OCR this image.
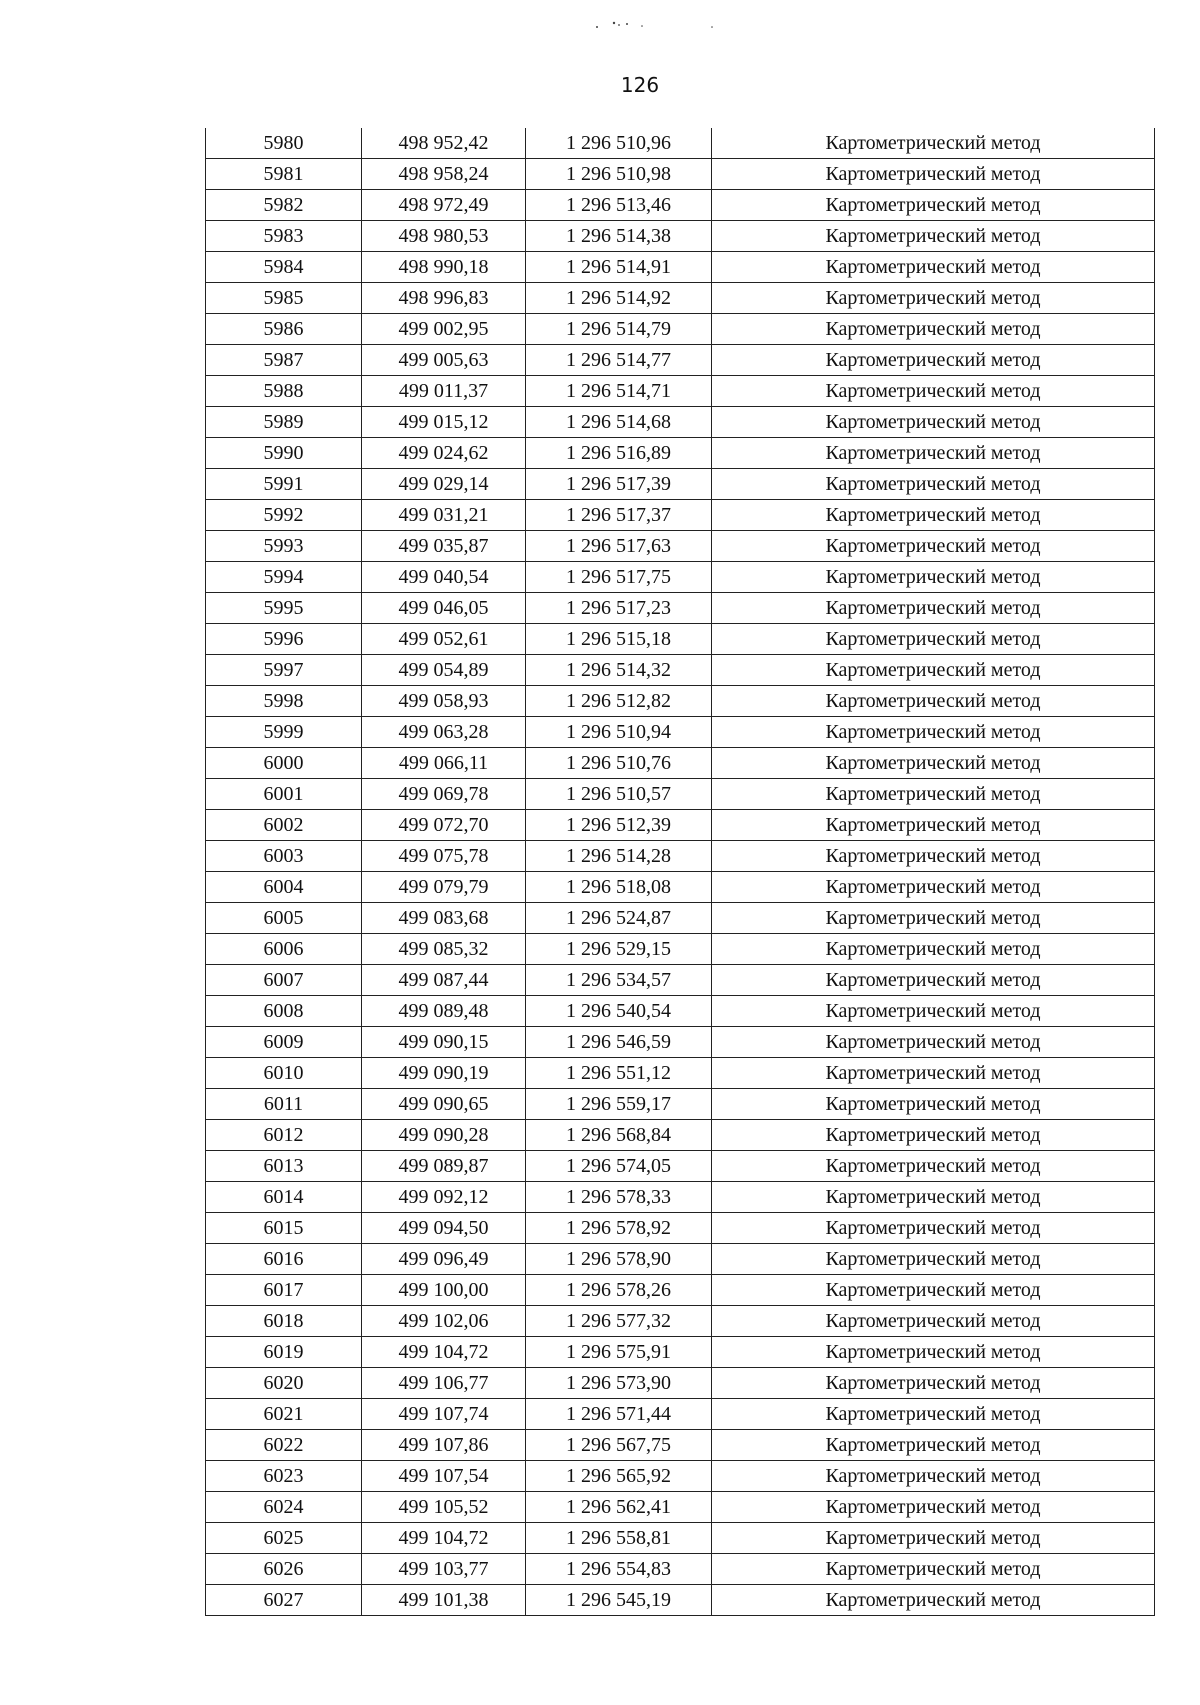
126
5980	498 952,42	1 296 510,96	Картометрический метод
5981	498 958,24	1 296 510,98	Картометрический метод
5982	498 972,49	1 296 513,46	Картометрический метод
5983	498 980,53	1 296 514,38	Картометрический метод
5984	498 990,18	1 296 514,91	Картометрический метод
5985	498 996,83	1 296 514,92	Картометрический метод
5986	499 002,95	1 296 514,79	Картометрический метод
5987	499 005,63	1 296 514,77	Картометрический метод
5988	499 011,37	1 296 514,71	Картометрический метод
5989	499 015,12	1 296 514,68	Картометрический метод
5990	499 024,62	1 296 516,89	Картометрический метод
5991	499 029,14	1 296 517,39	Картометрический метод
5992	499 031,21	1 296 517,37	Картометрический метод
5993	499 035,87	1 296 517,63	Картометрический метод
5994	499 040,54	1 296 517,75	Картометрический метод
5995	499 046,05	1 296 517,23	Картометрический метод
5996	499 052,61	1 296 515,18	Картометрический метод
5997	499 054,89	1 296 514,32	Картометрический метод
5998	499 058,93	1 296 512,82	Картометрический метод
5999	499 063,28	1 296 510,94	Картометрический метод
6000	499 066,11	1 296 510,76	Картометрический метод
6001	499 069,78	1 296 510,57	Картометрический метод
6002	499 072,70	1 296 512,39	Картометрический метод
6003	499 075,78	1 296 514,28	Картометрический метод
6004	499 079,79	1 296 518,08	Картометрический метод
6005	499 083,68	1 296 524,87	Картометрический метод
6006	499 085,32	1 296 529,15	Картометрический метод
6007	499 087,44	1 296 534,57	Картометрический метод
6008	499 089,48	1 296 540,54	Картометрический метод
6009	499 090,15	1 296 546,59	Картометрический метод
6010	499 090,19	1 296 551,12	Картометрический метод
6011	499 090,65	1 296 559,17	Картометрический метод
6012	499 090,28	1 296 568,84	Картометрический метод
6013	499 089,87	1 296 574,05	Картометрический метод
6014	499 092,12	1 296 578,33	Картометрический метод
6015	499 094,50	1 296 578,92	Картометрический метод
6016	499 096,49	1 296 578,90	Картометрический метод
6017	499 100,00	1 296 578,26	Картометрический метод
6018	499 102,06	1 296 577,32	Картометрический метод
6019	499 104,72	1 296 575,91	Картометрический метод
6020	499 106,77	1 296 573,90	Картометрический метод
6021	499 107,74	1 296 571,44	Картометрический метод
6022	499 107,86	1 296 567,75	Картометрический метод
6023	499 107,54	1 296 565,92	Картометрический метод
6024	499 105,52	1 296 562,41	Картометрический метод
6025	499 104,72	1 296 558,81	Картометрический метод
6026	499 103,77	1 296 554,83	Картометрический метод
6027	499 101,38	1 296 545,19	Картометрический метод
